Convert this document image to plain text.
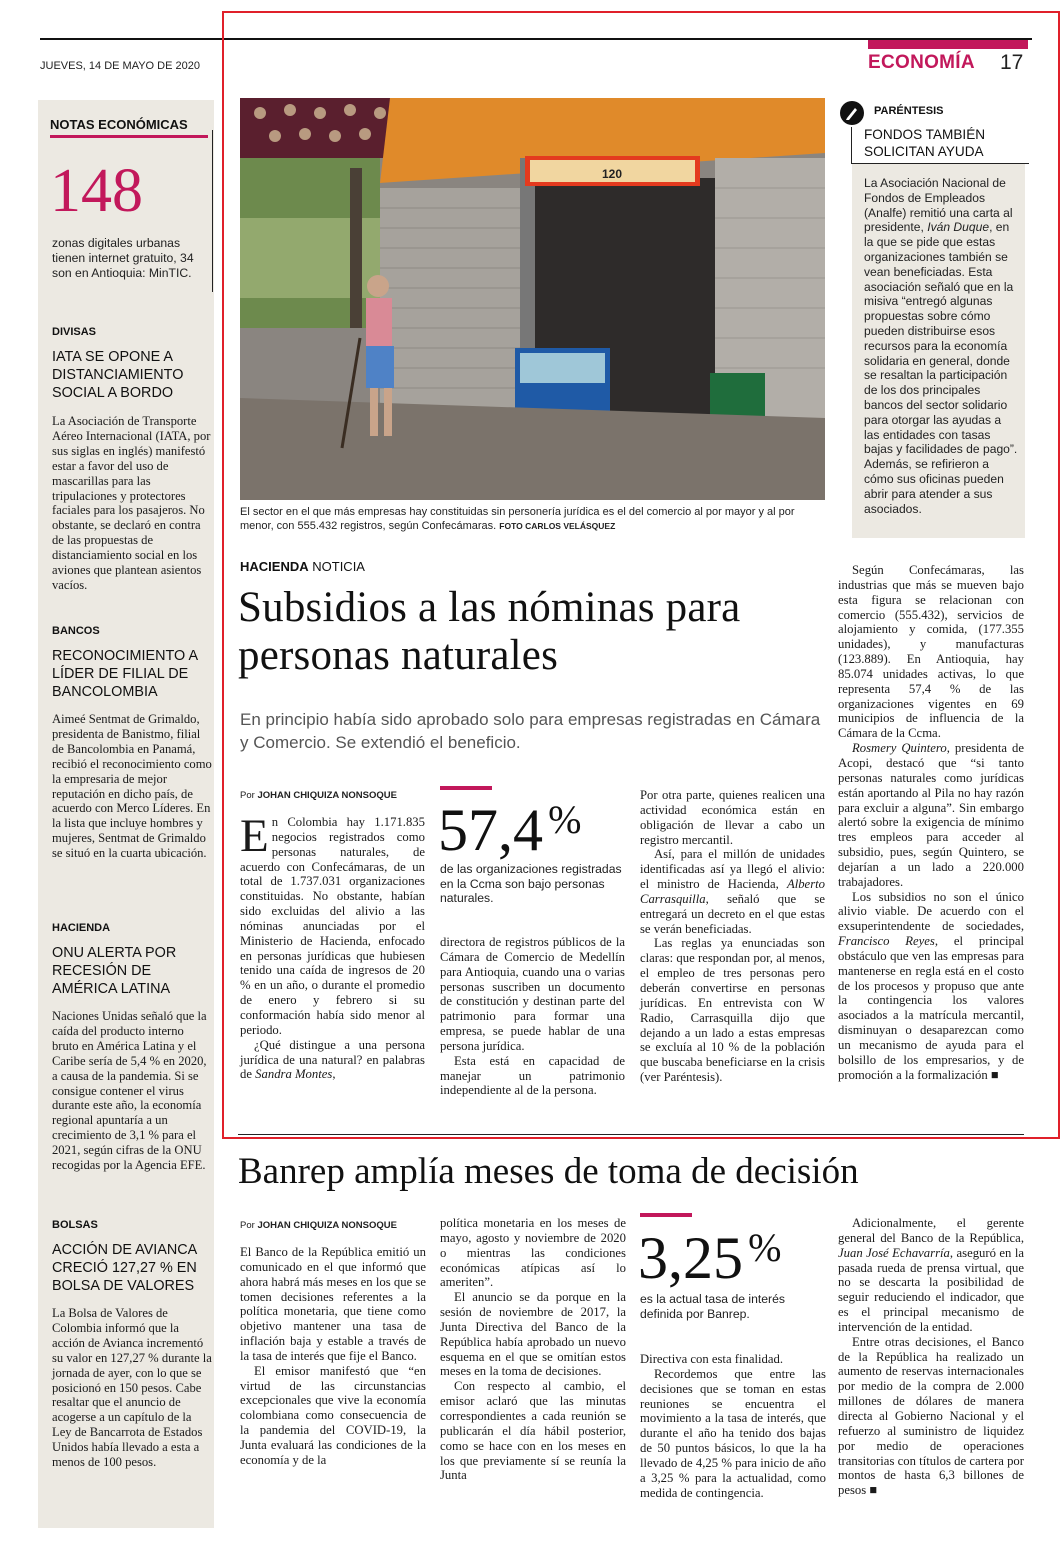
JUEVES, 14 DE MAYO DE 2020	ECONOMÍA 17
NOTAS ECONÓMICAS
148
zonas digitales urbanas tienen internet gratuito, 34 son en Antioquia: MinTIC.
DIVISAS
IATA SE OPONE A DISTANCIAMIENTO SOCIAL A BORDO
La Asociación de Transporte Aéreo Internacional (IATA, por sus siglas en inglés) manifestó estar a favor del uso de mascarillas para las tripulaciones y protectores faciales para los pasajeros. No obstante, se declaró en contra de las propuestas de distanciamiento social en los aviones que plantean asientos vacíos.
BANCOS
RECONOCIMIENTO A LÍDER DE FILIAL DE BANCOLOMBIA
Aimeé Sentmat de Grimaldo, presidenta de Banistmo, filial de Bancolombia en Panamá, recibió el reconocimiento como la empresaria de mejor reputación en dicho país, de acuerdo con Merco Líderes. En la lista que incluye hombres y mujeres, Sentmat de Grimaldo se situó en la cuarta ubicación.
HACIENDA
ONU ALERTA POR RECESIÓN DE AMÉRICA LATINA
Naciones Unidas señaló que la caída del producto interno bruto en América Latina y el Caribe sería de 5,4 % en 2020, a causa de la pandemia. Si se consigue contener el virus durante este año, la economía regional apuntaría a un crecimiento de 3,1 % para el 2021, según cifras de la ONU recogidas por la Agencia EFE.
BOLSAS
ACCIÓN DE AVIANCA CRECIÓ 127,27 % EN BOLSA DE VALORES
La Bolsa de Valores de Colombia informó que la acción de Avianca incrementó su valor en 127,27 % durante la jornada de ayer, con lo que se posicionó en 150 pesos. Cabe resaltar que el anuncio de acogerse a un capítulo de la Ley de Bancarrota de Estados Unidos había llevado a esta a menos de 100 pesos.
120
El sector en el que más empresas hay constituidas sin personería jurídica es el del comercio al por mayor y al por menor, con 555.432 registros, según Confecámaras. FOTO CARLOS VELÁSQUEZ
PARÉNTESIS
FONDOS TAMBIÉN SOLICITAN AYUDA
La Asociación Nacional de Fondos de Empleados (Analfe) remitió una carta al presidente, Iván Duque, en la que se pide que estas organizaciones también se vean beneficiadas. Esta asociación señaló que en la misiva “entregó algunas propuestas sobre cómo pueden distribuirse esos recursos para la economía solidaria en general, donde se resaltan la participación de los dos principales bancos del sector solidario para otorgar las ayudas a las entidades con tasas bajas y facilidades de pago”. Además, se refirieron a cómo sus oficinas pueden abrir para atender a sus asociados.
HACIENDA NOTICIA
Subsidios a las nóminas para personas naturales
En principio había sido aprobado solo para empresas registradas en Cámara y Comercio. Se extendió el beneficio.
Por JOHAN CHIQUIZA NONSOQUE
En Colombia hay 1.171.835 negocios registrados como personas naturales, de acuerdo con Confecámaras, de un total de 1.737.031 organizaciones constituidas. No obstante, habían sido excluidas del alivio a las nóminas anunciadas por el Ministerio de Hacienda, enfocado en personas jurídicas que hubiesen tenido una caída de ingresos de 20 % en un año, o durante el promedio de enero y febrero si su conformación había sido menor al periodo.
¿Qué distingue a una persona jurídica de una natural? en palabras de Sandra Montes,
57,4 %
de las organizaciones registradas en la Ccma son bajo personas naturales.
directora de registros públicos de la Cámara de Comercio de Medellín para Antioquia, cuando una o varias personas suscriben un documento de constitución y destinan parte del patrimonio para formar una empresa, se puede hablar de una persona jurídica.
Esta está en capacidad de manejar un patrimonio independiente al de la persona.
Por otra parte, quienes realicen una actividad económica están en obligación de llevar a cabo un registro mercantil.
Así, para el millón de unidades identificadas así ya llegó el alivio: el ministro de Hacienda, Alberto Carrasquilla, señaló que se entregará un decreto en el que estas se verán beneficiadas.
Las reglas ya enunciadas son claras: que respondan por, al menos, el empleo de tres personas pero deberán convertirse en personas jurídicas. En entrevista con W Radio, Carrasquilla dijo que dejando a un lado a estas empresas se excluía al 10 % de la población que buscaba beneficiarse en la crisis (ver Paréntesis).
Según Confecámaras, las industrias que más se mueven bajo esta figura se relacionan con comercio (555.432), servicios de alojamiento y comida, (177.355 unidades), y manufacturas (123.889). En Antioquia, hay 85.074 unidades activas, lo que representa 57,4 % de las organizaciones vigentes en 69 municipios de influencia de la Cámara de la Ccma.
Rosmery Quintero, presidenta de Acopi, destacó que “si tanto personas naturales como jurídicas están aportando al Pila no hay razón para excluir a alguna”. Sin embargo alertó sobre la exigencia de mínimo tres empleos para acceder al subsidio, pues, según Quintero, se dejarían a un lado a 220.000 trabajadores.
Los subsidios no son el único alivio viable. De acuerdo con el exsuperintendente de sociedades, Francisco Reyes, el principal obstáculo que ven las empresas para mantenerse en regla está en el costo de los procesos y propuso que ante la contingencia los valores asociados a la matrícula mercantil, disminuyan o desaparezcan como un mecanismo de ayuda para el bolsillo de los empresarios, y de promoción a la formalización ■
Banrep amplía meses de toma de decisión
Por JOHAN CHIQUIZA NONSOQUE
El Banco de la República emitió un comunicado en el que informó que ahora habrá más meses en los que se tomen decisiones referentes a la política monetaria, que tiene como objetivo mantener una tasa de inflación baja y estable a través de la tasa de interés que fije el Banco.
El emisor manifestó que “en virtud de las circunstancias excepcionales que vive la economía colombiana como consecuencia de la pandemia del COVID-19, la Junta evaluará las condiciones de la economía y de la
política monetaria en los meses de mayo, agosto y noviembre de 2020 o mientras las condiciones económicas atípicas así lo ameriten”.
El anuncio se da porque en la sesión de noviembre de 2017, la Junta Directiva del Banco de la República había aprobado un nuevo esquema en el que se omitían estos meses en la toma de decisiones.
Con respecto al cambio, el emisor aclaró que las minutas correspondientes a cada reunión se publicarán el día hábil posterior, como se hace con en los meses en los que previamente sí se reunía la Junta
3,25 %
es la actual tasa de interés definida por Banrep.
Directiva con esta finalidad.
Recordemos que entre las decisiones que se toman en estas reuniones se encuentra el movimiento a la tasa de interés, que durante el año ha tenido dos bajas de 50 puntos básicos, lo que la ha llevado de 4,25 % para inicio de año a 3,25 % para la actualidad, como medida de contingencia.
Adicionalmente, el gerente general del Banco de la República, Juan José Echavarría, aseguró en la pasada rueda de prensa virtual, que no se descarta la posibilidad de seguir reduciendo el indicador, que es el principal mecanismo de intervención de la entidad.
Entre otras decisiones, el Banco de la República ha realizado un aumento de reservas internacionales por medio de la compra de 2.000 millones de dólares de manera directa al Gobierno Nacional y el refuerzo al suministro de liquidez por medio de operaciones transitorias con títulos de cartera por montos de hasta 6,3 billones de pesos ■
